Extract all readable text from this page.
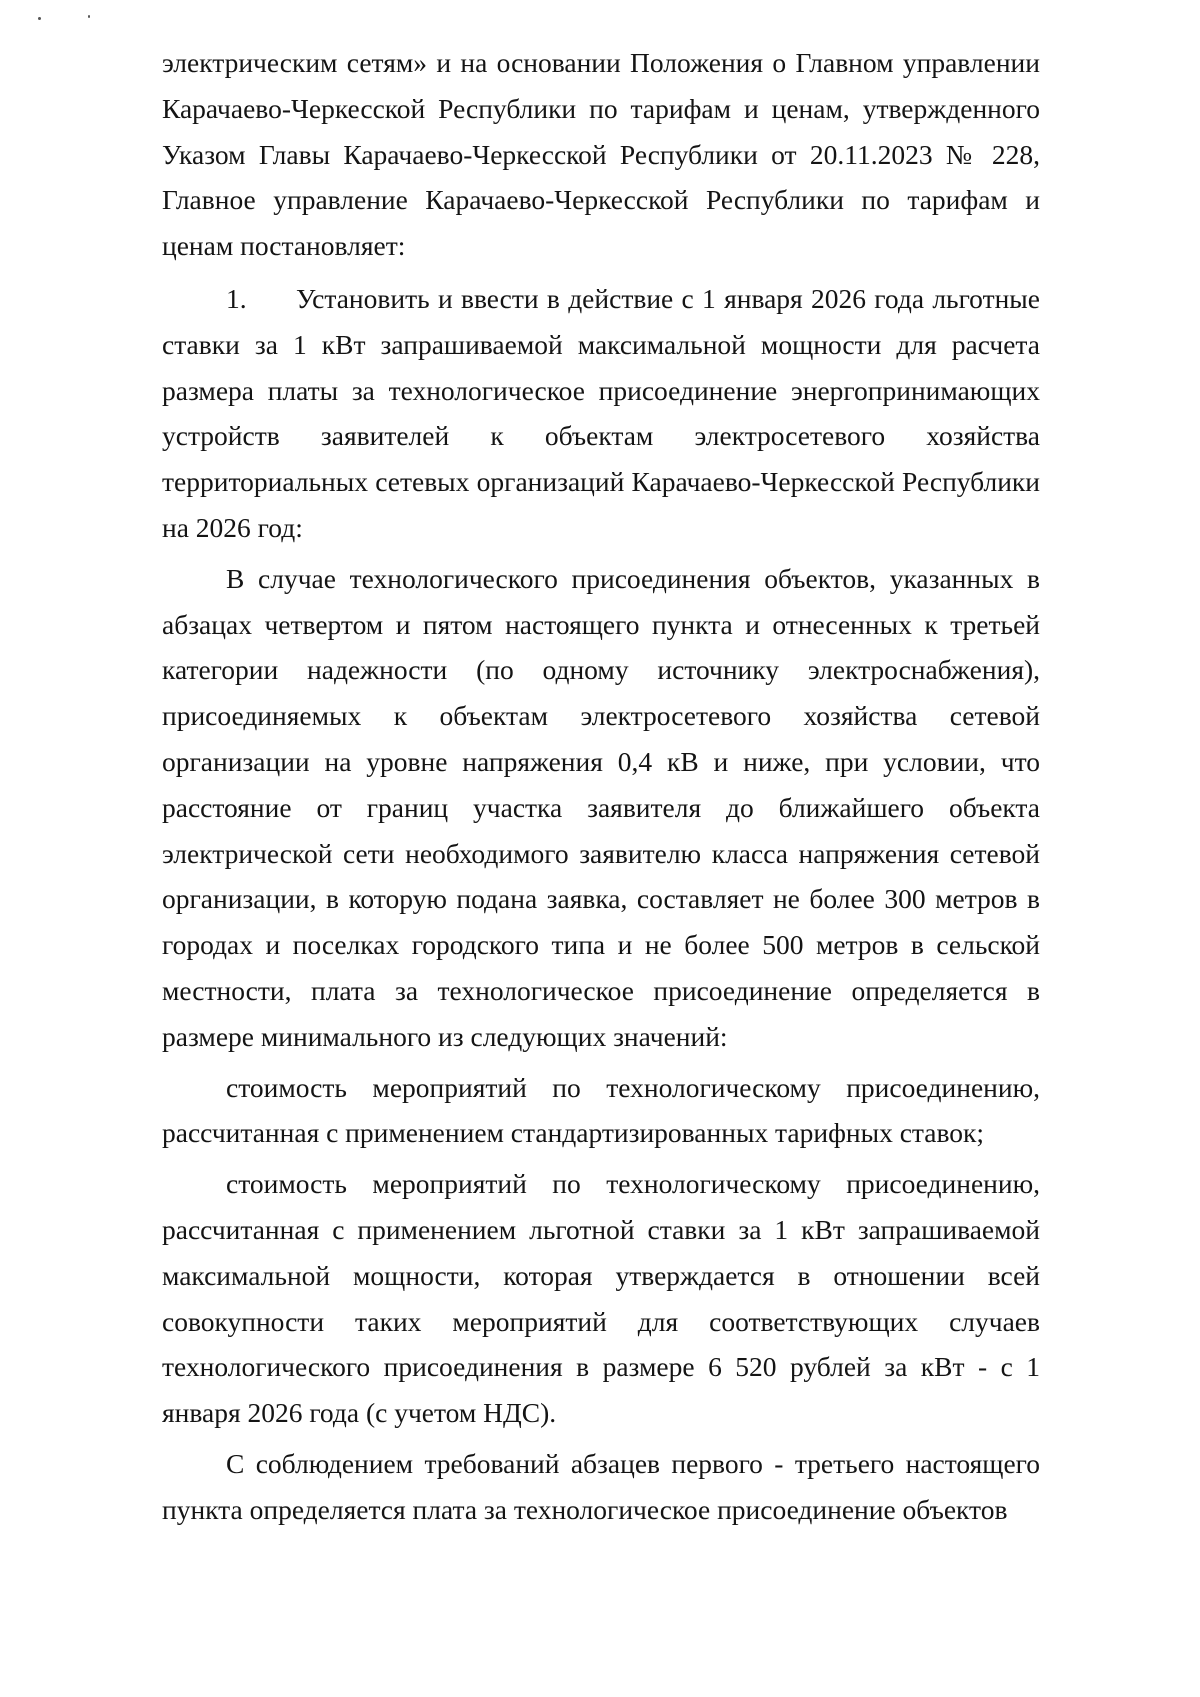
электрическим сетям» и на основании Положения о Главном управлении Карачаево-Черкесской Республики по тарифам и ценам, утвержденного Указом Главы Карачаево-Черкесской Республики от 20.11.2023 № 228, Главное управление Карачаево-Черкесской Республики по тарифам и ценам постановляет:

1. Установить и ввести в действие с 1 января 2026 года льготные ставки за 1 кВт запрашиваемой максимальной мощности для расчета размера платы за технологическое присоединение энергопринимающих устройств заявителей к объектам электросетевого хозяйства территориальных сетевых организаций Карачаево-Черкесской Республики на 2026 год:

В случае технологического присоединения объектов, указанных в абзацах четвертом и пятом настоящего пункта и отнесенных к третьей категории надежности (по одному источнику электроснабжения), присоединяемых к объектам электросетевого хозяйства сетевой организации на уровне напряжения 0,4 кВ и ниже, при условии, что расстояние от границ участка заявителя до ближайшего объекта электрической сети необходимого заявителю класса напряжения сетевой организации, в которую подана заявка, составляет не более 300 метров в городах и поселках городского типа и не более 500 метров в сельской местности, плата за технологическое присоединение определяется в размере минимального из следующих значений:

стоимость мероприятий по технологическому присоединению, рассчитанная с применением стандартизированных тарифных ставок;

стоимость мероприятий по технологическому присоединению, рассчитанная с применением льготной ставки за 1 кВт запрашиваемой максимальной мощности, которая утверждается в отношении всей совокупности таких мероприятий для соответствующих случаев технологического присоединения в размере 6 520 рублей за кВт - с 1 января 2026 года (с учетом НДС).

С соблюдением требований абзацев первого - третьего настоящего пункта определяется плата за технологическое присоединение объектов
